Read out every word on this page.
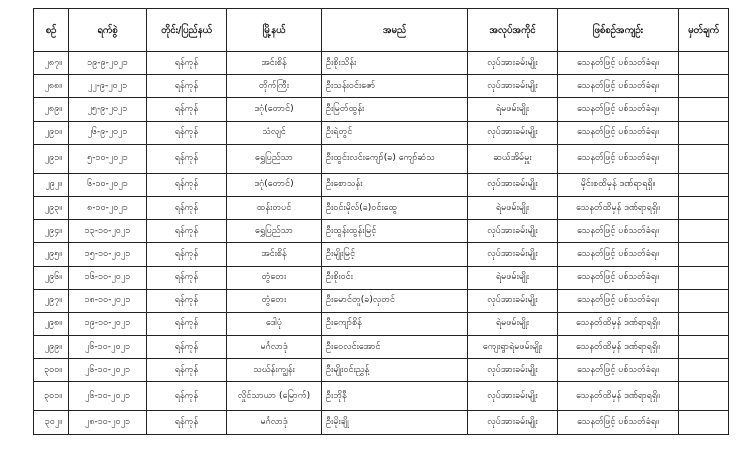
စဉ်	ရက်စွဲ	တိုင်း/ပြည်နယ်	မြို့နယ်	အမည်	အလုပ်အကိုင်	ဖြစ်စဉ်အကျဉ်း	မှတ်ချက်
၂၈၇။	၁၉-၉-၂၀၂၁	ရန်ကုန်	အင်းစိန်	ဦးစိုးသိန်း	လုပ်အားခမ်းမျိုး	သေနတ်ဖြင့် ပစ်သတ်ခံရ။	
၂၈၈။	၂၂-၉-၂၀၂၁	ရန်ကုန်	တိုက်ကြီး	ဦးသန်းဝင်းဇော်	လုပ်အားခမ်းမျိုး	သေနတ်ဖြင့် ပစ်သတ်ခံရ။	
၂၈၉။	၂၅-၉-၂၀၂၁	ရန်ကုန်	ဒဂုံ(တောင်)	ဦးမြတ်ထွန်း	ရဲမဖမ်းမျိုး	သေနတ်ဖြင့် ပစ်သတ်ခံရ။	
၂၉၀။	၂၆-၉-၂၀၂၁	ရန်ကုန်	သံလျင်	ဦးရဲတွင်	လုပ်အားခမ်းမျိုး	သေနတ်ဖြင့် ပစ်သတ်ခံရ။	
၂၉၁။	၅-၁၀-၂၀၂၁	ရန်ကုန်	ရွှေပြည်သာ	ဦးထွင်းလင်းကျော်(ခ) ကျော်ဆံသ	ဆယ်အိမ်မှူး	သေနတ်ဖြင့် ပစ်သတ်ခံရ။	
၂၉၂။	၆-၁၀-၂၀၂၁	ရန်ကုန်	ဒဂုံ(တောင်)	ဦးစောသန်း	လုပ်အားခမ်းမျိုး	မိုင်းစထိမှန် ဒဏ်ရာရရှိ။	
၂၉၃။	၈-၁၀-၂၀၂၁	ရန်ကုန်	ထန်းတပင်	ဦးဝင်းမိုလ်(ခ)ဝင်းထွေ	ရဲမဖမ်းမျိုး	သေနတ်ထိမှန် ဒဏ်ရာရရှိ။	
၂၉၄။	၁၃-၁၀-၂၀၂၁	ရန်ကုန်	ရွှေပြည်သာ	ဦးထွန်းထွန်းမြင့်	လုပ်အားခမ်းမျိုး	သေနတ်ဖြင့် ပစ်သတ်ခံရ။	
၂၉၅။	၁၅-၁၀-၂၀၂၁	ရန်ကုန်	အင်းစိန်	ဦးမျိုးမြင့်	လုပ်အားခမ်းမျိုး	သေနတ်ဖြင့် ပစ်သတ်ခံရ။	
၂၉၆။	၁၆-၁၀-၂၀၂၁	ရန်ကုန်	တွံတေး	ဦးစိုးဝင်း	ရဲမဖမ်းမျိုး	သေနတ်ဖြင့် ပစ်သတ်ခံရ။	
၂၉၇။	၁၈-၁၀-၂၀၂၁	ရန်ကုန်	တွံတေး	ဦးမောင်တူ(ခ)လှတင်	လုပ်အားခမ်းမျိုး	သေနတ်ဖြင့် ပစ်သတ်ခံရ။	
၂၉၈။	၁၉-၁၀-၂၀၂၁	ရန်ကုန်	ဒေါပုံ	ဦးကျော်စိန်	ရဲမဖမ်းမျိုး	သေနတ်ထိမှန် ဒဏ်ရာရရှိ။	
၂၉၉။	၂၆-၁၀-၂၀၂၁	ရန်ကုန်	မင်္ဂလာဒုံ	ဦးဝေလင်းအောင်	ကျေးရွာရဲမဖမ်းမျိုး	သေနတ်ထိမှန် ဒဏ်ရာရရှိ။	
၃၀၀။	၂၆-၁၀-၂၀၂၁	ရန်ကုန်	သဃ်န်းကျွန်း	ဦးမျိုးဝင်းညွှန့်	လုပ်အားခမ်းမျိုး	သေနတ်ဖြင့် ပစ်သတ်ခံရ။	
၃၀၁။	၂၆-၁၀-၂၀၂၁	ရန်ကုန်	လှိုင်သာယာ (မြောက်)	ဦးဘိုနီ	လုပ်အားခမ်းမျိုး	သေနတ်ထိမှန် ဒဏ်ရာရရှိ။	
၃၀၂။	၂၈-၁၀-၂၀၂၁	ရန်ကုန်	မင်္ဂလာဒုံ	ဦးမိုးချို	လုပ်အားခမ်းမျိုး	သေနတ်ဖြင့် ပစ်သတ်ခံရ။	
